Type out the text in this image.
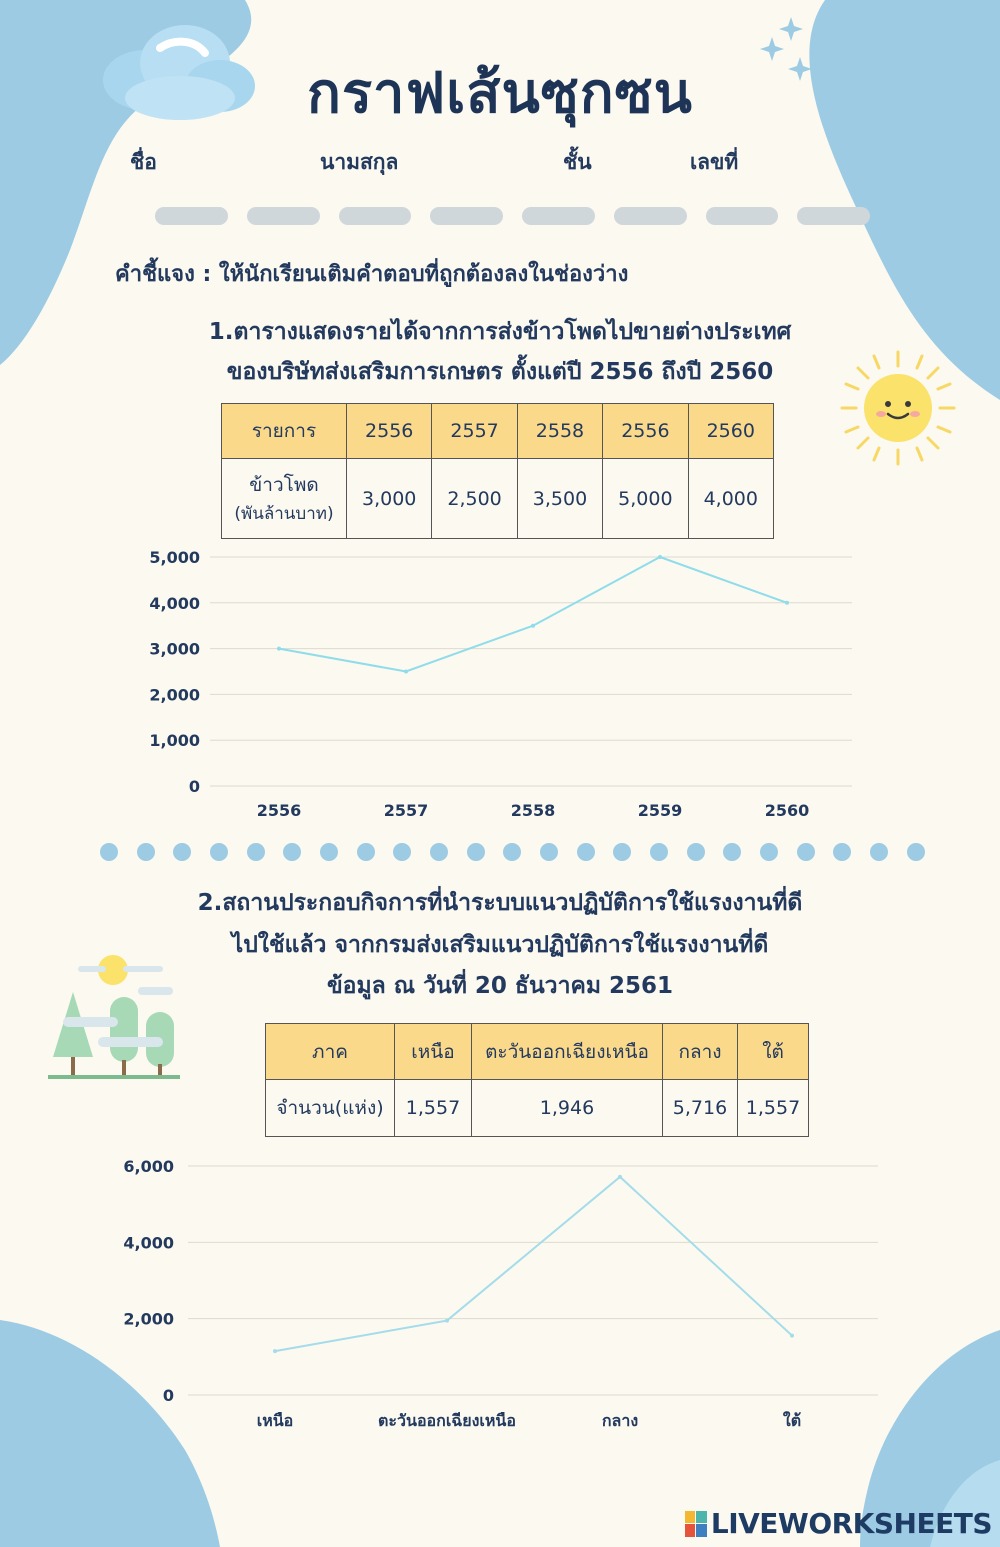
กราฟเส้นซุกซน
ชื่อ	นามสกุล	ชั้น	เลขที่
คำชี้แจง : ให้นักเรียนเติมคำตอบที่ถูกต้องลงในช่องว่าง
1.ตารางแสดงรายได้จากการส่งข้าวโพดไปขายต่างประเทศ
ของบริษัทส่งเสริมการเกษตร ตั้งแต่ปี 2556 ถึงปี 2560
รายการ	2556	2557	2558	2556	2560
ข้าวโพด
(พันล้านบาท)	3,000	2,500	3,500	5,000	4,000
0
1,000
2,000
3,000
4,000
5,000
2556	2557	2558	2559	2560
2.สถานประกอบกิจการที่นำระบบแนวปฏิบัติการใช้แรงงานที่ดี
ไปใช้แล้ว จากกรมส่งเสริมแนวปฏิบัติการใช้แรงงานที่ดี
ข้อมูล ณ วันที่ 20 ธันวาคม 2561
ภาค	เหนือ	ตะวันออกเฉียงเหนือ	กลาง	ใต้
จำนวน(แห่ง)	1,557	1,946	5,716	1,557
0
2,000
4,000
6,000
เหนือ	ตะวันออกเฉียงเหนือ	กลาง	ใต้
LIVEWORKSHEETS
